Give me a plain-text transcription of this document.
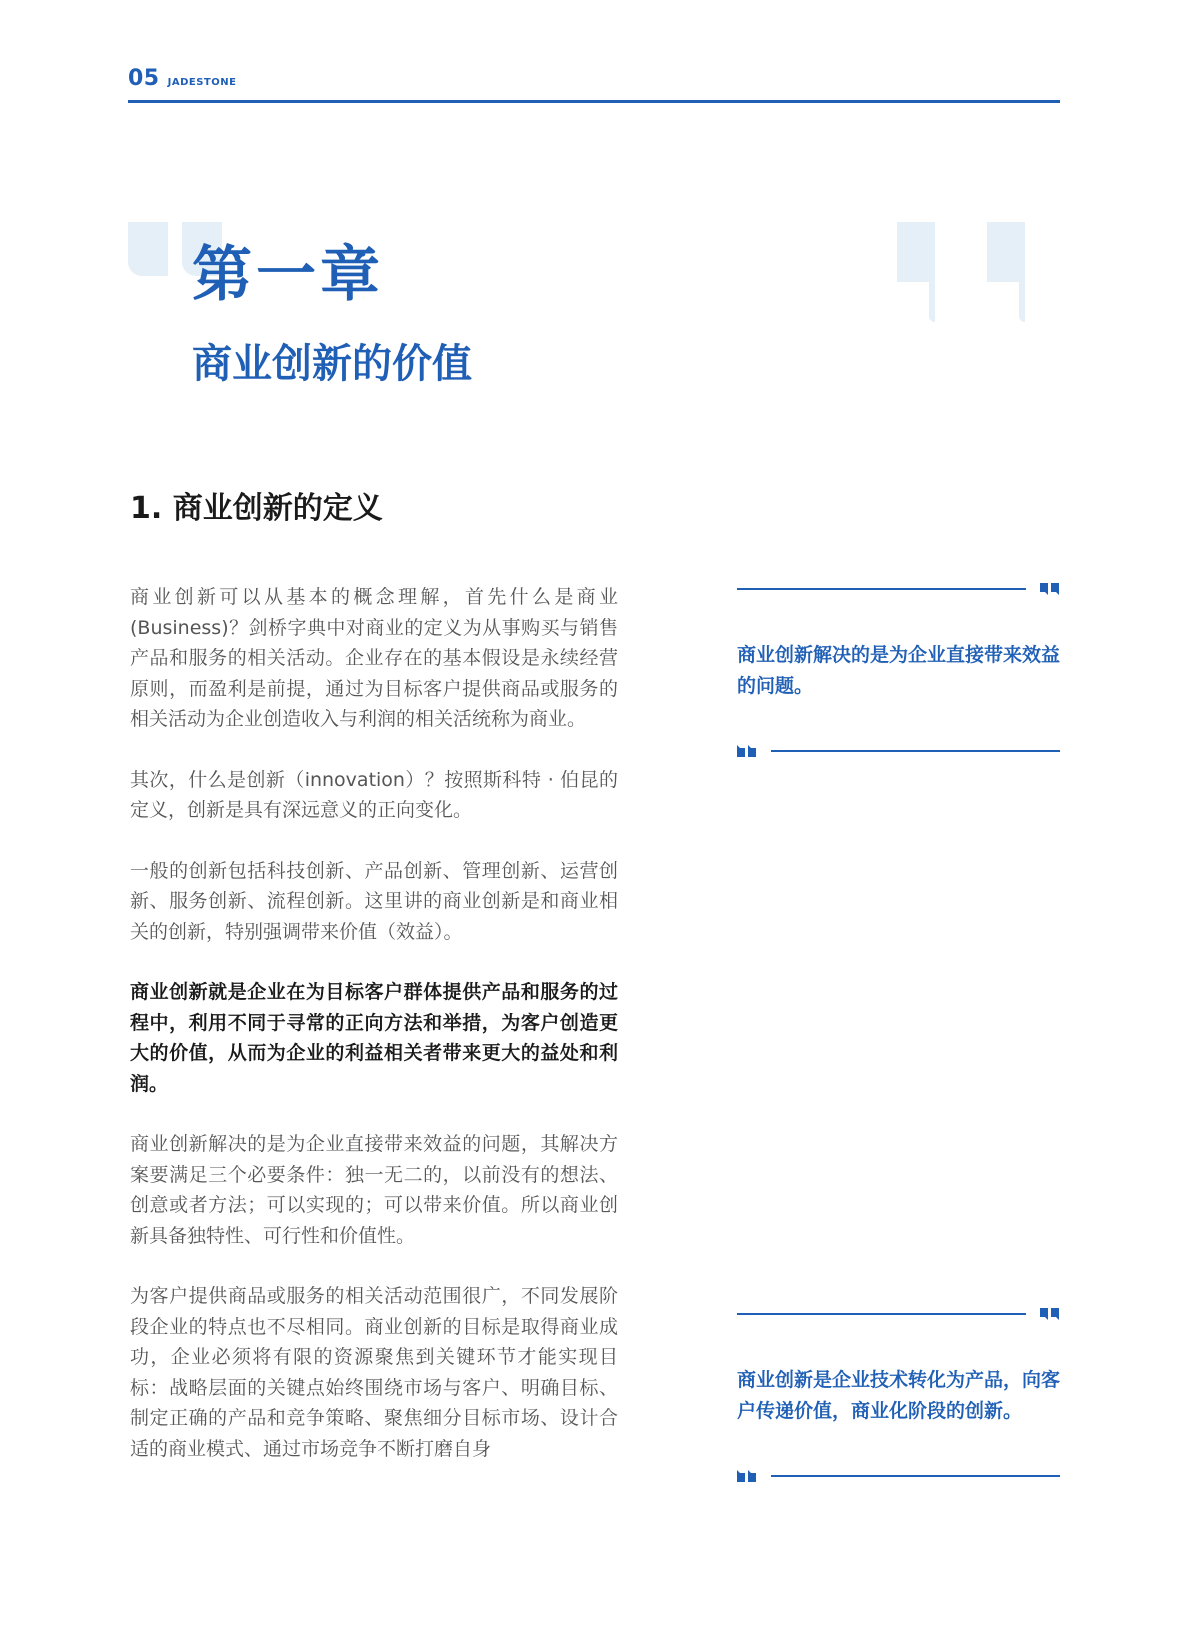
05 JADESTONE
第一章
商业创新的价值
1. 商业创新的定义

商业创新可以从基本的概念理解，首先什么是商业(Business)？剑桥字典中对商业的定义为从事购买与销售产品和服务的相关活动。企业存在的基本假设是永续经营原则，而盈利是前提，通过为目标客户提供商品或服务的相关活动为企业创造收入与利润的相关活统称为商业。

其次，什么是创新（innovation）？按照斯科特 · 伯昆的定义，创新是具有深远意义的正向变化。

一般的创新包括科技创新、产品创新、管理创新、运营创新、服务创新、流程创新。这里讲的商业创新是和商业相关的创新，特别强调带来价值（效益）。

商业创新就是企业在为目标客户群体提供产品和服务的过程中，利用不同于寻常的正向方法和举措，为客户创造更大的价值，从而为企业的利益相关者带来更大的益处和利润。

商业创新解决的是为企业直接带来效益的问题，其解决方案要满足三个必要条件：独一无二的，以前没有的想法、创意或者方法；可以实现的；可以带来价值。所以商业创新具备独特性、可行性和价值性。

为客户提供商品或服务的相关活动范围很广，不同发展阶段企业的特点也不尽相同。商业创新的目标是取得商业成功，企业必须将有限的资源聚焦到关键环节才能实现目标：战略层面的关键点始终围绕市场与客户、明确目标、制定正确的产品和竞争策略、聚焦细分目标市场、设计合适的商业模式、通过市场竞争不断打磨自身

商业创新解决的是为企业直接带来效益的问题。
商业创新是企业技术转化为产品，向客户传递价值，商业化阶段的创新。
